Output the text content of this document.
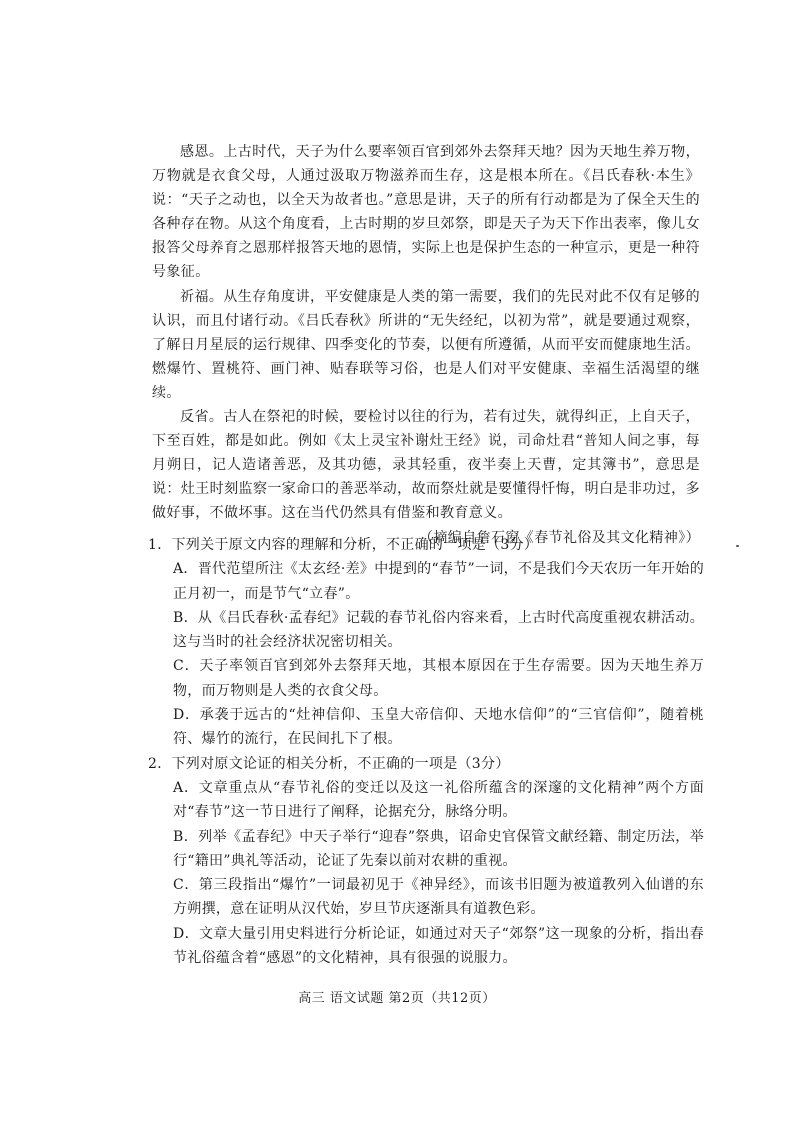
感恩。上古时代，天子为什么要率领百官到郊外去祭拜天地？因为天地生养万物，万物就是衣食父母，人通过汲取万物滋养而生存，这是根本所在。《吕氏春秋·本生》说：“天子之动也，以全天为故者也。”意思是讲，天子的所有行动都是为了保全天生的各种存在物。从这个角度看，上古时期的岁旦郊祭，即是天子为天下作出表率，像儿女报答父母养育之恩那样报答天地的恩情，实际上也是保护生态的一种宣示，更是一种符号象征。

祈福。从生存角度讲，平安健康是人类的第一需要，我们的先民对此不仅有足够的认识，而且付诸行动。《吕氏春秋》所讲的“无失经纪，以初为常”，就是要通过观察，了解日月星辰的运行规律、四季变化的节奏，以便有所遵循，从而平安而健康地生活。燃爆竹、置桃符、画门神、贴春联等习俗，也是人们对平安健康、幸福生活渴望的继续。

反省。古人在祭祀的时候，要检讨以往的行为，若有过失，就得纠正，上自天子，下至百姓，都是如此。例如《太上灵宝补谢灶王经》说，司命灶君“普知人间之事，每月朔日，记人造诸善恶，及其功德，录其轻重，夜半奏上天曹，定其簿书”，意思是说：灶王时刻监察一家命口的善恶举动，故而祭灶就是要懂得忏悔，明白是非功过，多做好事，不做坏事。这在当代仍然具有借鉴和教育意义。

（摘编自詹石窗《春节礼俗及其文化精神》）
1．下列关于原文内容的理解和分析，不正确的一项是（3分）
A．晋代范望所注《太玄经·差》中提到的“春节”一词，不是我们今天农历一年开始的正月初一，而是节气“立春”。
B．从《吕氏春秋·孟春纪》记载的春节礼俗内容来看，上古时代高度重视农耕活动。这与当时的社会经济状况密切相关。
C．天子率领百官到郊外去祭拜天地，其根本原因在于生存需要。因为天地生养万物，而万物则是人类的衣食父母。
D．承袭于远古的“灶神信仰、玉皇大帝信仰、天地水信仰”的“三官信仰”，随着桃符、爆竹的流行，在民间扎下了根。
2．下列对原文论证的相关分析，不正确的一项是（3分）
A．文章重点从“春节礼俗的变迁以及这一礼俗所蕴含的深邃的文化精神”两个方面对“春节”这一节日进行了阐释，论据充分，脉络分明。
B．列举《孟春纪》中天子举行“迎春”祭典，诏命史官保管文献经籍、制定历法，举行“籍田”典礼等活动，论证了先秦以前对农耕的重视。
C．第三段指出“爆竹”一词最初见于《神异经》，而该书旧题为被道教列入仙谱的东方朔撰，意在证明从汉代始，岁旦节庆逐渐具有道教色彩。
D．文章大量引用史料进行分析论证，如通过对天子“郊祭”这一现象的分析，指出春节礼俗蕴含着“感恩”的文化精神，具有很强的说服力。
高三 语文试题 第2页（共12页）
